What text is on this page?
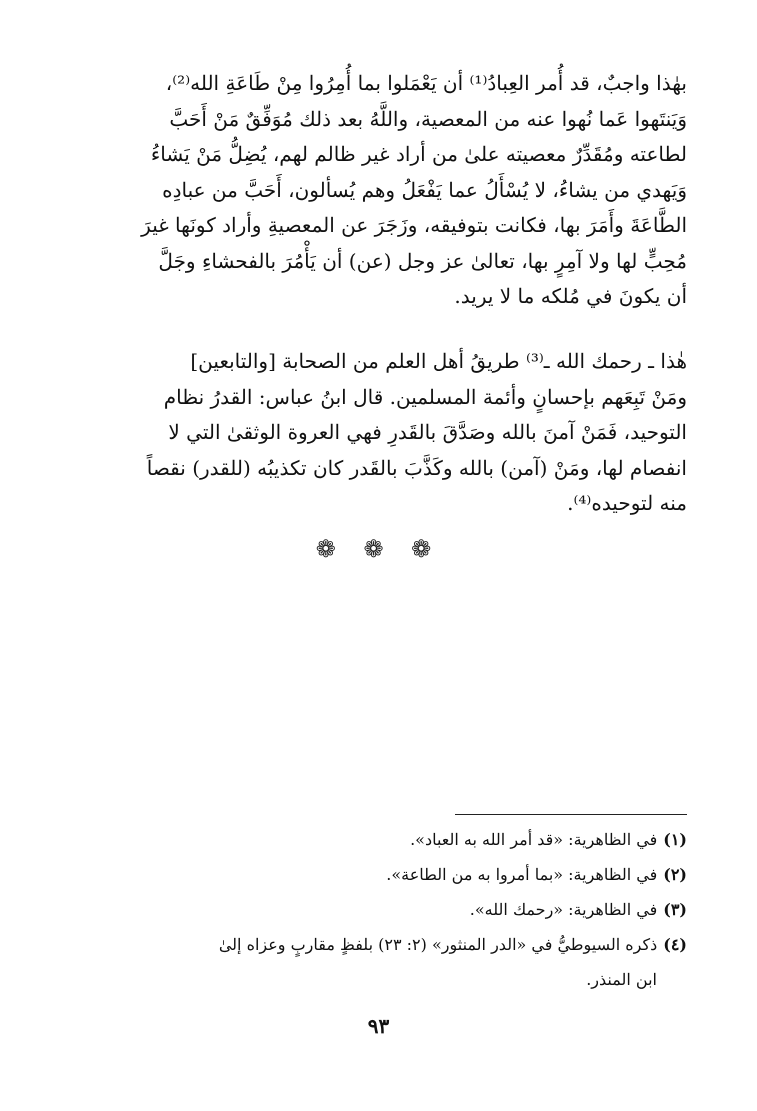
بهٰذا واجبٌ، قد أُمر العِبادُ⁽¹⁾ أن يَعْمَلوا بما أُمِرُوا مِنْ طَاعَةِ الله⁽²⁾،
وَيَنتَهوا عَما نُهوا عنه من المعصية، واللَّهُ بعد ذلك مُوَفِّقٌ مَنْ أَحَبَّ
لطاعته ومُقَدِّرٌ معصيته علىٰ من أراد غير ظالم لهم، يُضِلُّ مَنْ يَشاءُ
وَيَهدي من يشاءُ، لا يُسْأَلُ عما يَفْعَلُ وهم يُسألون، أَحَبَّ من عبادِه
الطَّاعَةَ وأَمَرَ بها، فكانت بتوفيقه، وزَجَرَ عن المعصيةِ وأراد كونَها غيرَ
مُحِبٍّ لها ولا آمِرٍ بها، تعالىٰ عز وجل (عن) أن يَأْمُرَ بالفحشاءِ وجَلَّ
أن يكونَ في مُلكه ما لا يريد.
هٰذا ـ رحمك الله ـ⁽³⁾ طريقُ أهل العلم من الصحابة [والتابعين]
ومَنْ تَبِعَهم بإحسانٍ وأئمة المسلمين. قال ابنُ عباس: القدرُ نظام
التوحيد، فَمَنْ آمنَ بالله وصَدَّقَ بالقَدرِ فهي العروة الوثقىٰ التي لا
انفصام لها، ومَنْ (آمن) بالله وكَذَّبَ بالقَدر كان تكذيبُه (للقدر) نقصاً
منه لتوحيده⁽⁴⁾.
❁ ❁ ❁
(١)في الظاهرية: «قد أمر الله به العباد».
(٢)في الظاهرية: «بما أمروا به من الطاعة».
(٣)في الظاهرية: «رحمك الله».
(٤)ذكره السيوطيُّ في «الدر المنثور» (٢: ٢٣) بلفظٍ مقاربٍ وعزاه إلىٰ
ابن المنذر.
٩٣
